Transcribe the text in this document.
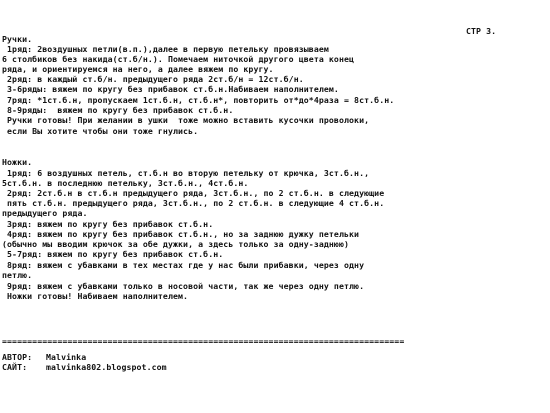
СТР 3.
Ручки.
1ряд: 2воздушных петли(в.п.),далее в первую петельку провязываем
6 столбиков без накида(ст.б/н.). Помечаем ниточкой другого цвета конец
ряда, и ориентируемся на него, а далее вяжем по кругу.
2ряд: в каждый ст.б/н. предыдущего ряда 2ст.б/н = 12ст.б/н.
3-6ряды: вяжем по кругу без прибавок ст.б.н.Набиваем наполнителем.
7ряд: *1ст.б.н, пропускаем 1ст.б.н, ст.б.н*, повторить от*до*4раза = 8ст.б.н.
8-9ряды:  вяжем по кругу без прибавок ст.б.н.
Ручки готовы! При желании в ушки  тоже можно вставить кусочки проволоки,
если Вы хотите чтобы они тоже гнулись.
Ножки.
1ряд: 6 воздушных петель, ст.б.н во вторую петельку от крючка, 3ст.б.н.,
5ст.б.н. в последнюю петельку, 3ст.б.н., 4ст.б.н.
2ряд: 2ст.б.н в ст.б.н предыдущего ряда, 3ст.б.н., по 2 ст.б.н. в следующие
пять ст.б.н. предыдущего ряда, 3ст.б.н., по 2 ст.б.н. в следующие 4 ст.б.н.
предыдущего ряда.
3ряд: вяжем по кругу без прибавок ст.б.н.
4ряд: вяжем по кругу без прибавок ст.б.н., но за заднюю дужку петельки
(обычно мы вводим крючок за обе дужки, а здесь только за одну-заднюю)
5-7ряд: вяжем по кругу без прибавок ст.б.н.
8ряд: вяжем с убавками в тех местах где у нас были прибавки, через одну
петлю.
9ряд: вяжем с убавками только в носовой части, так же через одну петлю.
Ножки готовы! Набиваем наполнителем.
================================================================================
АВТОР: Malvinka
САЙТ: malvinka802.blogspot.com
